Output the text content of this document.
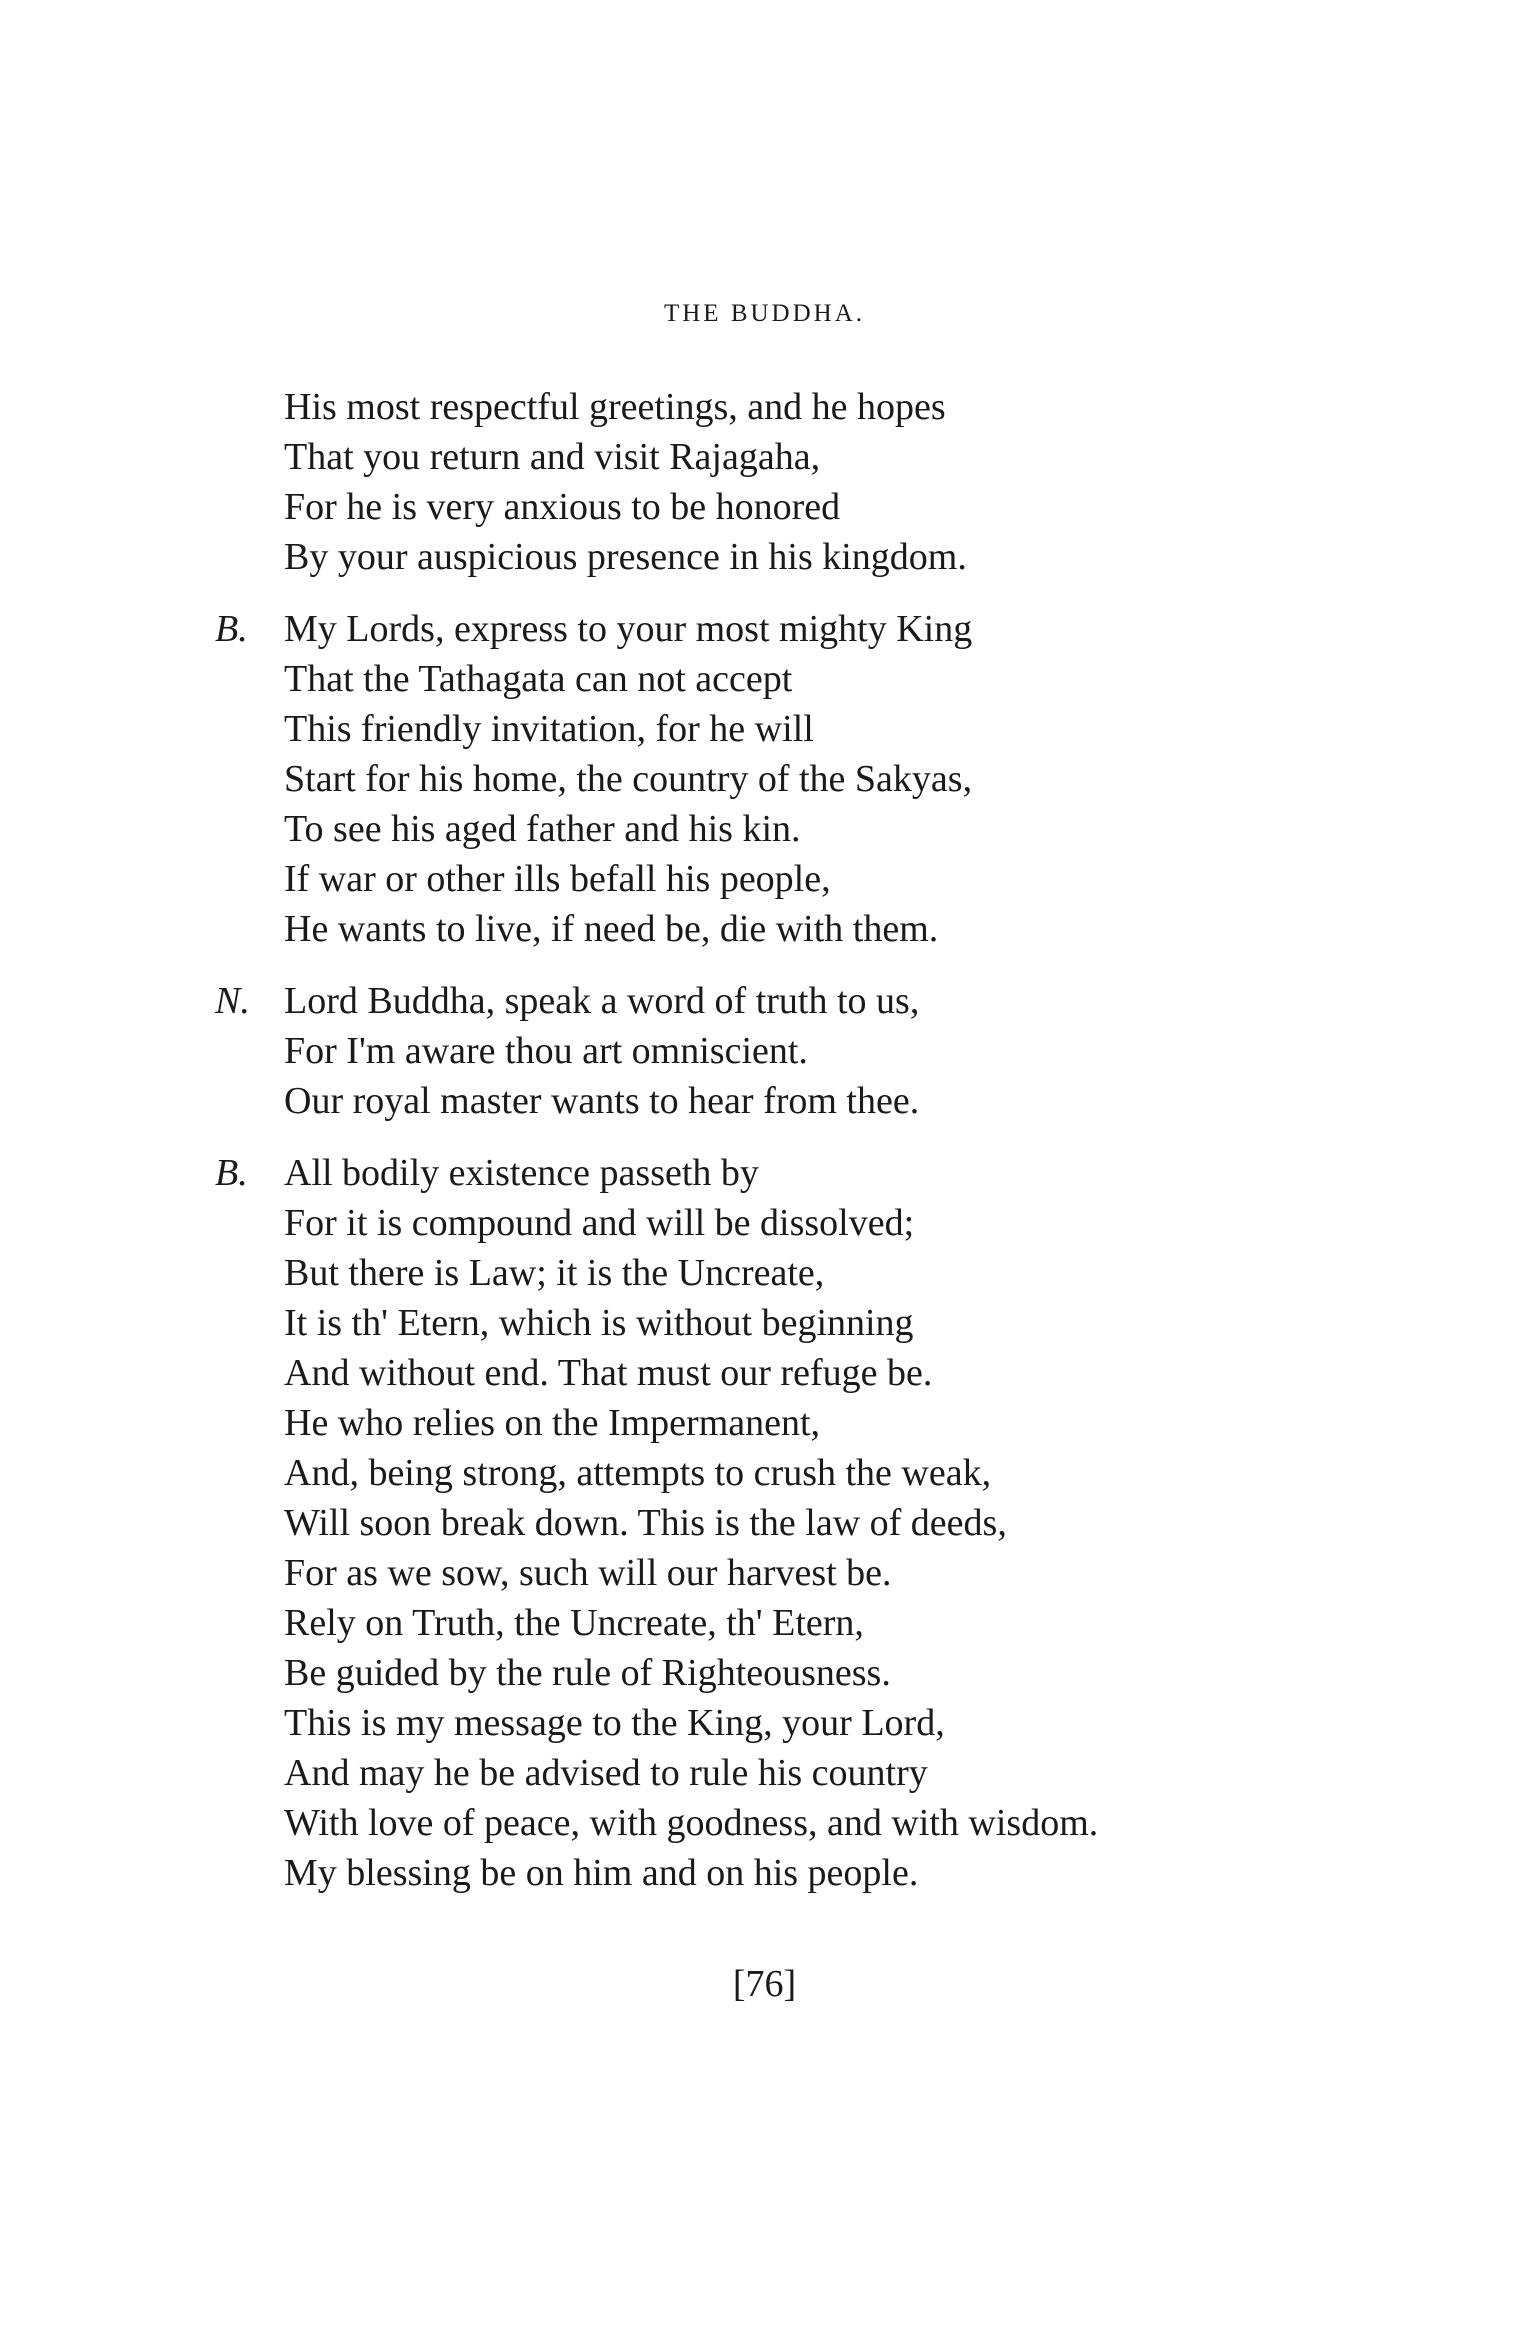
THE BUDDHA.
His most respectful greetings, and he hopes
That you return and visit Rajagaha,
For he is very anxious to be honored
By your auspicious presence in his kingdom.
B. My Lords, express to your most mighty King
That the Tathagata can not accept
This friendly invitation, for he will
Start for his home, the country of the Sakyas,
To see his aged father and his kin.
If war or other ills befall his people,
He wants to live, if need be, die with them.
N. Lord Buddha, speak a word of truth to us,
For I'm aware thou art omniscient.
Our royal master wants to hear from thee.
B. All bodily existence passeth by
For it is compound and will be dissolved;
But there is Law; it is the Uncreate,
It is th' Etern, which is without beginning
And without end. That must our refuge be.
He who relies on the Impermanent,
And, being strong, attempts to crush the weak,
Will soon break down. This is the law of deeds,
For as we sow, such will our harvest be.
Rely on Truth, the Uncreate, th' Etern,
Be guided by the rule of Righteousness.
This is my message to the King, your Lord,
And may he be advised to rule his country
With love of peace, with goodness, and with wisdom.
My blessing be on him and on his people.
[76]
